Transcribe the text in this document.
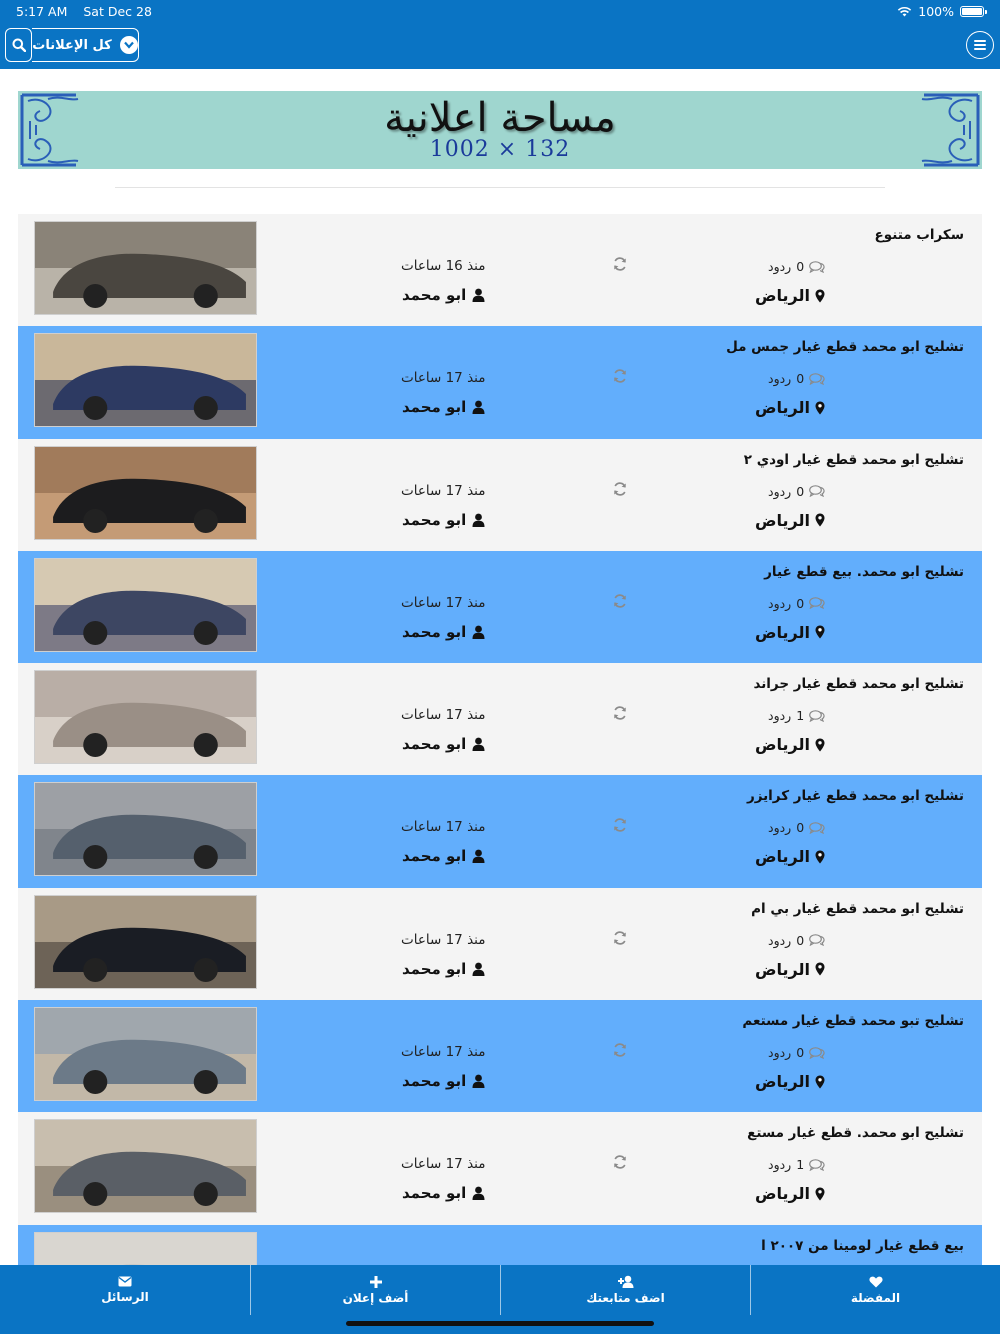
5:17 AM Sat Dec 28	100%
كل الإعلانات
مساحة اعلانية
1002 × 132
سكراب متنوع
منذ 16 ساعات
ابو محمد
ردود 0
الرياض
تشليح ابو محمد قطع غيار جمس مل
منذ 17 ساعات
ابو محمد
ردود 0
الرياض
تشليح ابو محمد قطع غيار اودي ٢
منذ 17 ساعات
ابو محمد
ردود 0
الرياض
تشليح ابو محمد. بيع قطع غيار
منذ 17 ساعات
ابو محمد
ردود 0
الرياض
تشليح ابو محمد قطع غيار جراند
منذ 17 ساعات
ابو محمد
ردود 1
الرياض
تشليح ابو محمد قطع غيار كرايزر
منذ 17 ساعات
ابو محمد
ردود 0
الرياض
تشليح ابو محمد قطع غيار بي ام
منذ 17 ساعات
ابو محمد
ردود 0
الرياض
تشليح تبو محمد قطع غيار مستعم
منذ 17 ساعات
ابو محمد
ردود 0
الرياض
تشليح ابو محمد. قطع غيار مستع
منذ 17 ساعات
ابو محمد
ردود 1
الرياض
بيع قطع غيار لومينا من ٢٠٠٧ ا
الرسائل	أضف إعلان	اضف متابعتك	المفضلة
